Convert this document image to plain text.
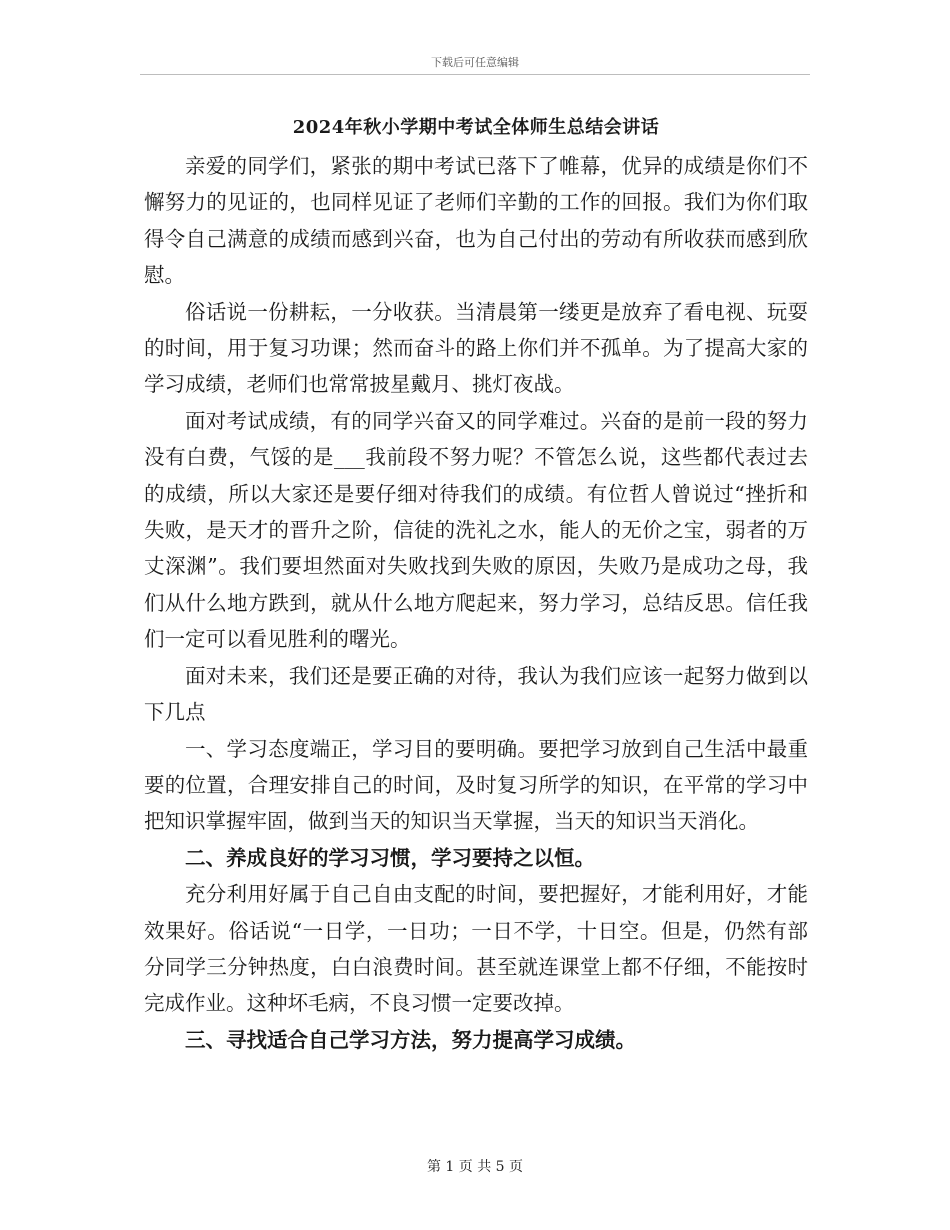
下载后可任意编辑
2024年秋小学期中考试全体师生总结会讲话

亲爱的同学们，紧张的期中考试已落下了帷幕，优异的成绩是你们不懈努力的见证的，也同样见证了老师们辛勤的工作的回报。我们为你们取得令自己满意的成绩而感到兴奋，也为自己付出的劳动有所收获而感到欣慰。

俗话说一份耕耘，一分收获。当清晨第一缕更是放弃了看电视、玩耍的时间，用于复习功课；然而奋斗的路上你们并不孤单。为了提高大家的学习成绩，老师们也常常披星戴月、挑灯夜战。

面对考试成绩，有的同学兴奋又的同学难过。兴奋的是前一段的努力没有白费，气馁的是___我前段不努力呢？不管怎么说，这些都代表过去的成绩，所以大家还是要仔细对待我们的成绩。有位哲人曾说过“挫折和失败，是天才的晋升之阶，信徒的洗礼之水，能人的无价之宝，弱者的万丈深渊”。我们要坦然面对失败找到失败的原因，失败乃是成功之母，我们从什么地方跌到，就从什么地方爬起来，努力学习，总结反思。信任我们一定可以看见胜利的曙光。

面对未来，我们还是要正确的对待，我认为我们应该一起努力做到以下几点

一、学习态度端正，学习目的要明确。要把学习放到自己生活中最重要的位置，合理安排自己的时间，及时复习所学的知识，在平常的学习中把知识掌握牢固，做到当天的知识当天掌握，当天的知识当天消化。

二、养成良好的学习习惯，学习要持之以恒。

充分利用好属于自己自由支配的时间，要把握好，才能利用好，才能效果好。俗话说“一日学，一日功；一日不学，十日空。但是，仍然有部分同学三分钟热度，白白浪费时间。甚至就连课堂上都不仔细，不能按时完成作业。这种坏毛病，不良习惯一定要改掉。

三、寻找适合自己学习方法，努力提高学习成绩。

第 1 页 共 5 页
